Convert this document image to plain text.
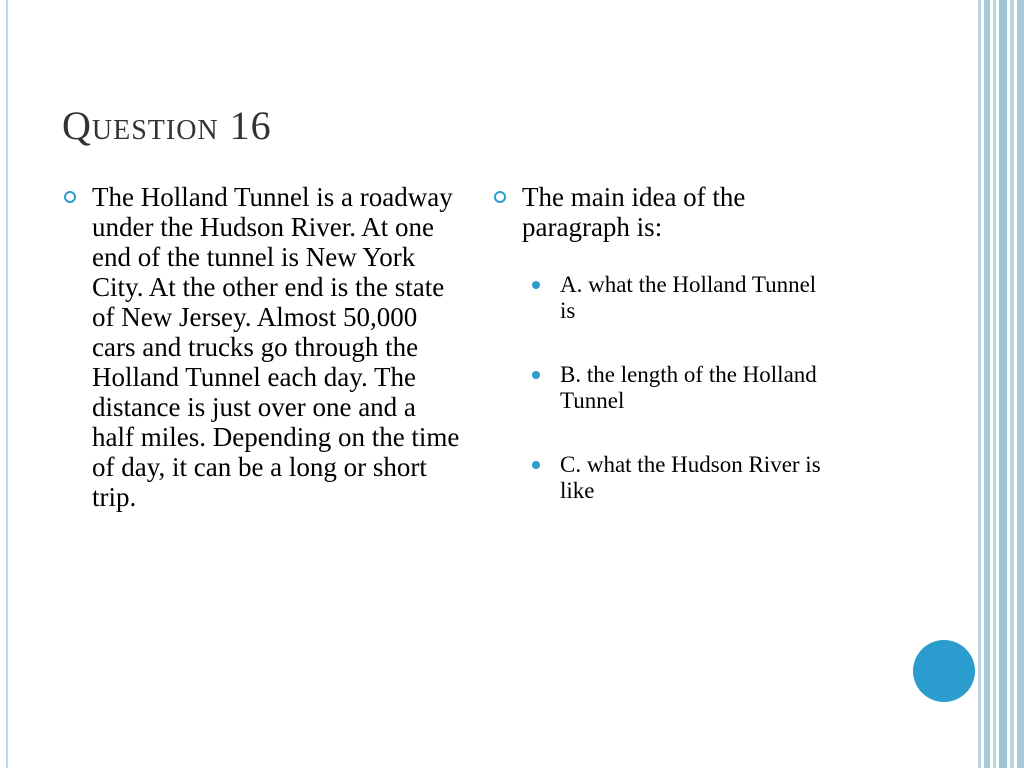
Question 16
The Holland Tunnel is a roadway under the Hudson River. At one end of the tunnel is New York City. At the other end is the state of New Jersey. Almost 50,000 cars and trucks go through the Holland Tunnel each day. The distance is just over one and a half miles. Depending on the time of day, it can be a long or short trip.
The main idea of the paragraph is:
A. what the Holland Tunnel is
B. the length of the Holland Tunnel
C. what the Hudson River is like
